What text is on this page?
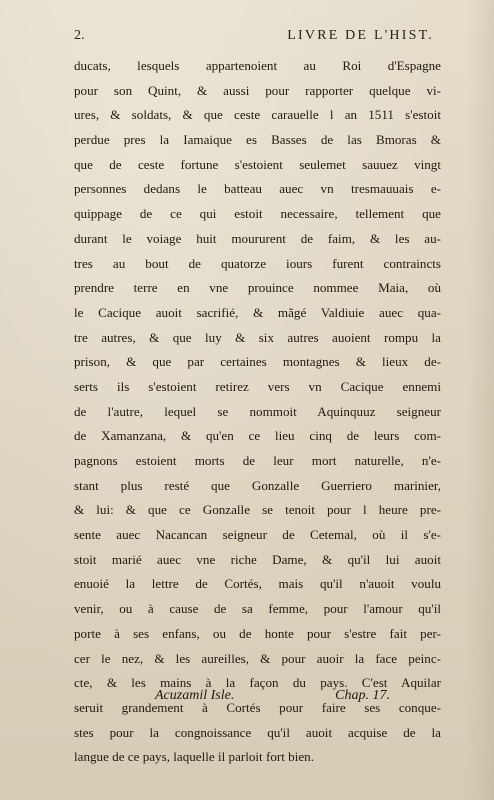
2.	LIVRE DE L'HIST.
ducats, lesquels appartenoient au Roi d'Espagne
pour son Quint, & aussi pour rapporter quelque vi-
ures, & soldats, & que ceste carauelle l an 1511 s'estoit
perdue pres la Iamaique es Basses de las Bmoras &
que de ceste fortune s'estoient seulemet sauuez vingt
personnes dedans le batteau auec vn tresmauuais e-
quippage de ce qui estoit necessaire, tellement que
durant le voiage huit moururent de faim, & les au-
tres au bout de quatorze iours furent contraincts
prendre terre en vne prouince nommee Maia, où
le Cacique auoit sacrifié, & mãgé Valdiuie auec qua-
tre autres, & que luy & six autres auoient rompu la
prison, & que par certaines montagnes & lieux de-
serts ils s'estoient retirez vers vn Cacique ennemi
de l'autre, lequel se nommoit Aquinquuz seigneur
de Xamanzana, & qu'en ce lieu cinq de leurs com-
pagnons estoient morts de leur mort naturelle, n'e-
stant plus resté que Gonzalle Guerriero marinier,
& lui: & que ce Gonzalle se tenoit pour l heure pre-
sente auec Nacancan seigneur de Cetemal, où il s'e-
stoit marié auec vne riche Dame, & qu'il lui auoit
enuoié la lettre de Cortés, mais qu'il n'auoit voulu
venir, ou à cause de sa femme, pour l'amour qu'il
porte à ses enfans, ou de honte pour s'estre fait per-
cer le nez, & les aureilles, & pour auoir la face peinc-
cte, & les mains à la façon du pays. C'est Aquilar
seruit grandement à Cortés pour faire ses conque-
stes pour la congnoissance qu'il auoit acquise de la
langue de ce pays, laquelle il parloit fort bien.
Acuzamil Isle.	Chap. 17.
